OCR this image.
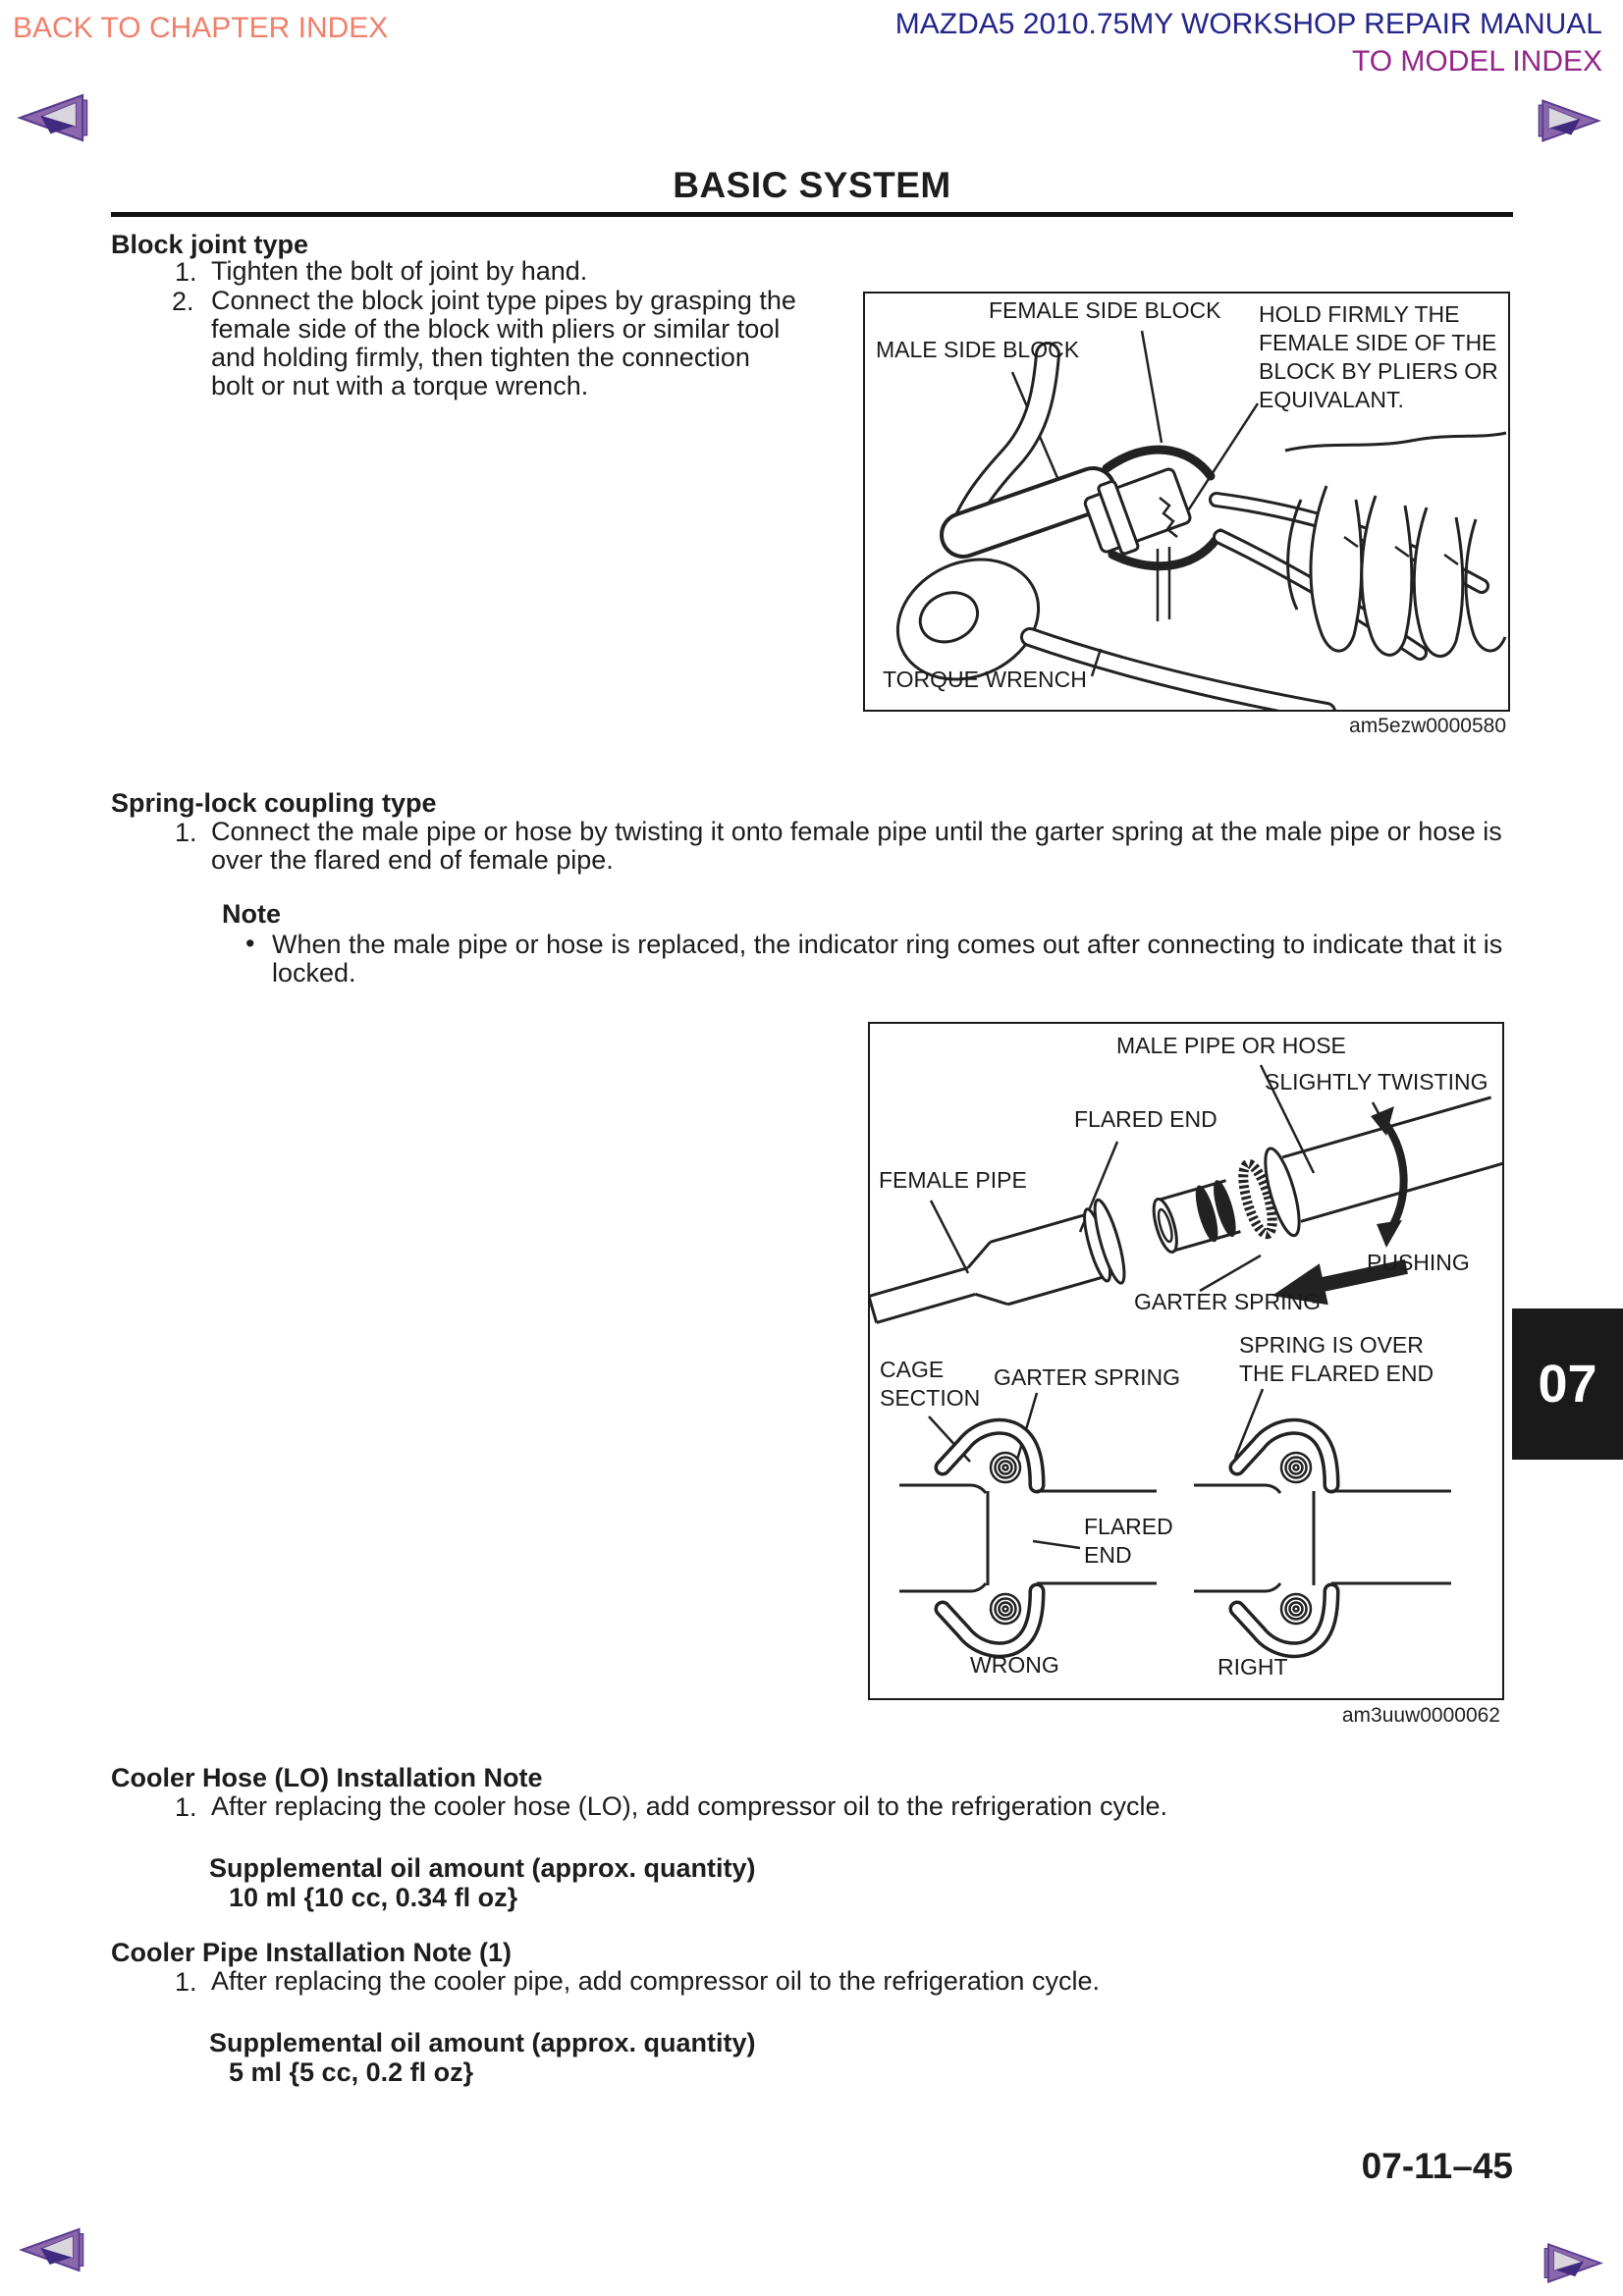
BACK TO CHAPTER INDEX	MAZDA5 2010.75MY WORKSHOP REPAIR MANUAL
TO MODEL INDEX
BASIC SYSTEM
Block joint type
1. Tighten the bolt of joint by hand.
2. Connect the block joint type pipes by grasping the
female side of the block with pliers or similar tool
and holding firmly, then tighten the connection
bolt or nut with a torque wrench.
FEMALE SIDE BLOCK
MALE SIDE BLOCK
HOLD FIRMLY THE
FEMALE SIDE OF THE
BLOCK BY PLIERS OR
EQUIVALANT.
TORQUE WRENCH
am5ezw0000580
Spring-lock coupling type
1. Connect the male pipe or hose by twisting it onto female pipe until the garter spring at the male pipe or hose is
over the flared end of female pipe.
Note
•
When the male pipe or hose is replaced, the indicator ring comes out after connecting to indicate that it is
locked.
MALE PIPE OR HOSE
SLIGHTLY TWISTING
FLARED END
FEMALE PIPE
PUSHING
GARTER SPRING
CAGE
SECTION
GARTER SPRING
SPRING IS OVER
THE FLARED END
FLARED
END
WRONG	RIGHT
am3uuw0000062
07
Cooler Hose (LO) Installation Note
1. After replacing the cooler hose (LO), add compressor oil to the refrigeration cycle.
Supplemental oil amount (approx. quantity)
10 ml {10 cc, 0.34 fl oz}
Cooler Pipe Installation Note (1)
1. After replacing the cooler pipe, add compressor oil to the refrigeration cycle.
Supplemental oil amount (approx. quantity)
5 ml {5 cc, 0.2 fl oz}
07-11–45
